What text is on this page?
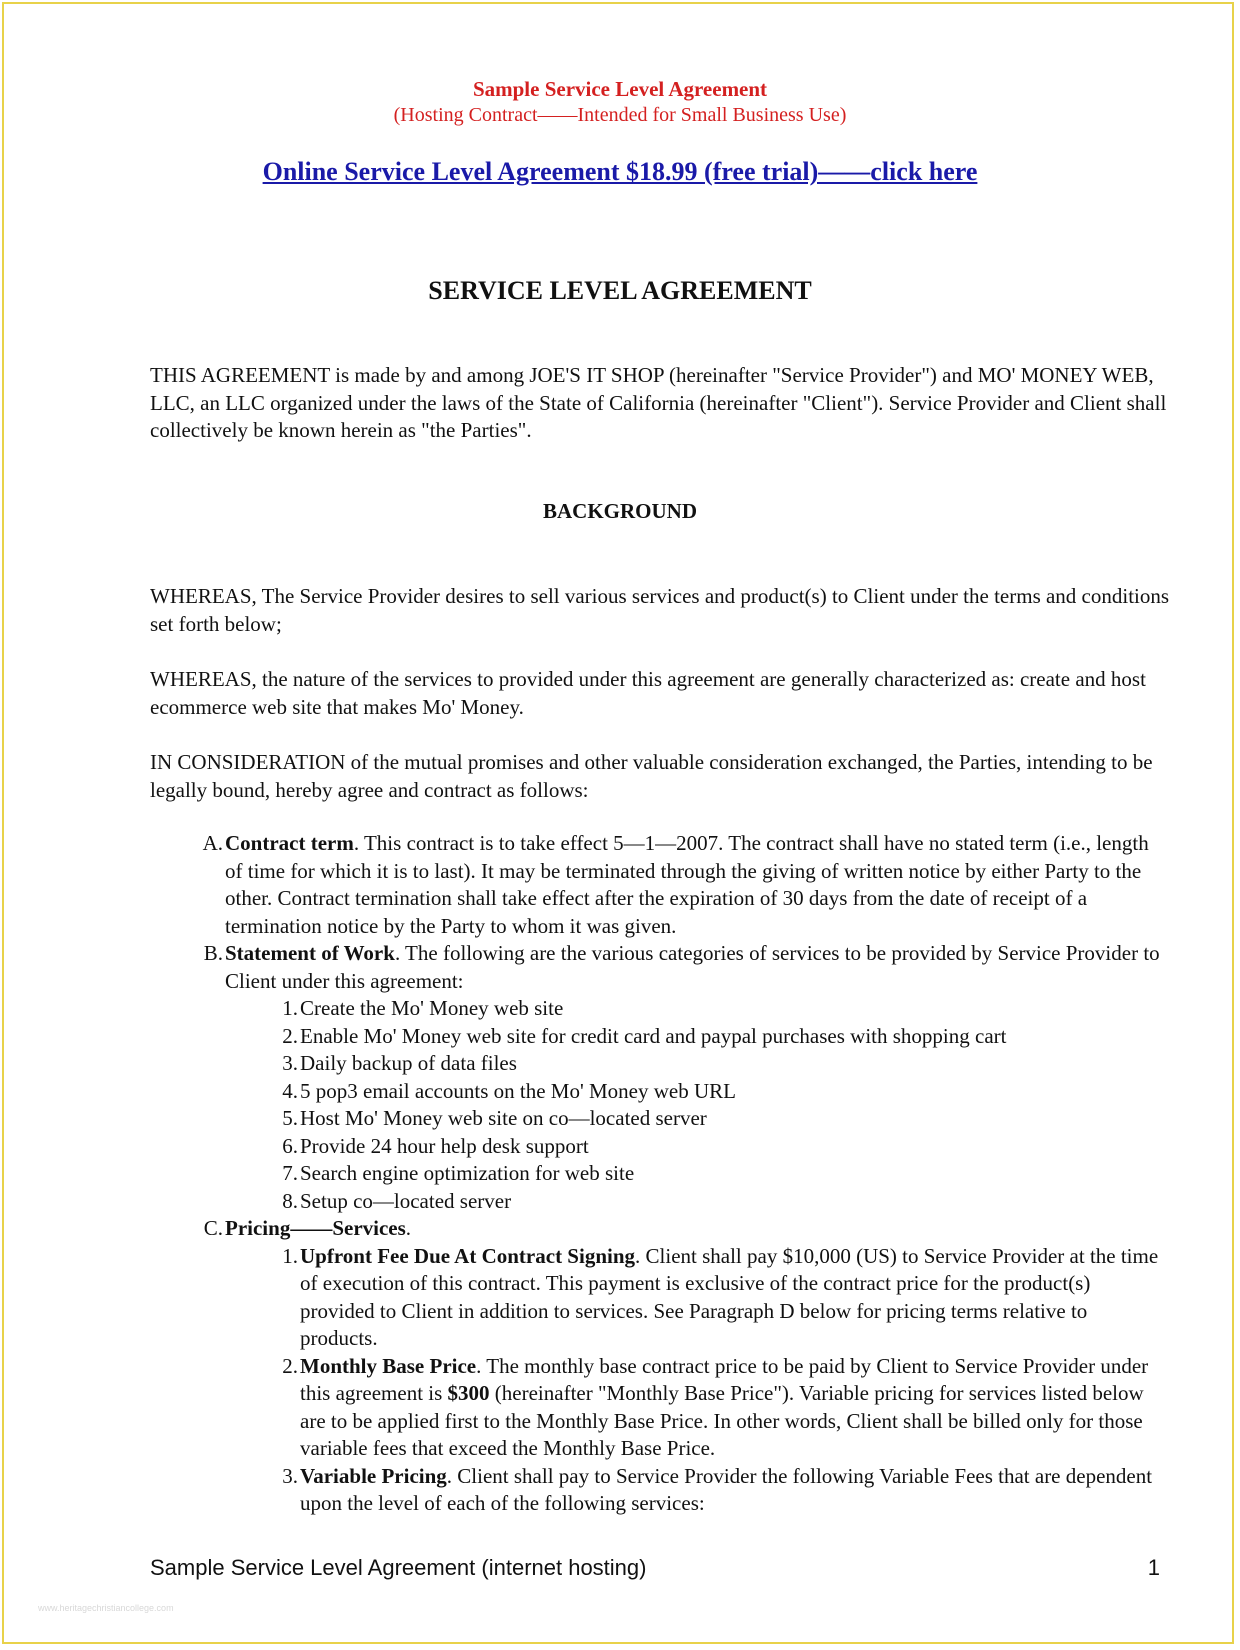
Sample Service Level Agreement
(Hosting Contract——Intended for Small Business Use)
Online Service Level Agreement $18.99 (free trial)——click here
SERVICE LEVEL AGREEMENT
THIS AGREEMENT is made by and among JOE'S IT SHOP (hereinafter "Service Provider") and MO' MONEY WEB, LLC, an LLC organized under the laws of the State of California (hereinafter "Client"). Service Provider and Client shall collectively be known herein as "the Parties".
BACKGROUND
WHEREAS, The Service Provider desires to sell various services and product(s) to Client under the terms and conditions set forth below;
WHEREAS, the nature of the services to provided under this agreement are generally characterized as: create and host ecommerce web site that makes Mo' Money.
IN CONSIDERATION of the mutual promises and other valuable consideration exchanged, the Parties, intending to be legally bound, hereby agree and contract as follows:
A. Contract term. This contract is to take effect 5—1—2007. The contract shall have no stated term (i.e., length of time for which it is to last). It may be terminated through the giving of written notice by either Party to the other. Contract termination shall take effect after the expiration of 30 days from the date of receipt of a termination notice by the Party to whom it was given.
B. Statement of Work. The following are the various categories of services to be provided by Service Provider to Client under this agreement:
1. Create the Mo' Money web site
2. Enable Mo' Money web site for credit card and paypal purchases with shopping cart
3. Daily backup of data files
4. 5 pop3 email accounts on the Mo' Money web URL
5. Host Mo' Money web site on co—located server
6. Provide 24 hour help desk support
7. Search engine optimization for web site
8. Setup co—located server
C. Pricing——Services.
1. Upfront Fee Due At Contract Signing. Client shall pay $10,000 (US) to Service Provider at the time of execution of this contract. This payment is exclusive of the contract price for the product(s) provided to Client in addition to services. See Paragraph D below for pricing terms relative to products.
2. Monthly Base Price. The monthly base contract price to be paid by Client to Service Provider under this agreement is $300 (hereinafter "Monthly Base Price"). Variable pricing for services listed below are to be applied first to the Monthly Base Price. In other words, Client shall be billed only for those variable fees that exceed the Monthly Base Price.
3. Variable Pricing. Client shall pay to Service Provider the following Variable Fees that are dependent upon the level of each of the following services:
Sample Service Level Agreement (internet hosting)	1
www.heritagechristiancollege.com
